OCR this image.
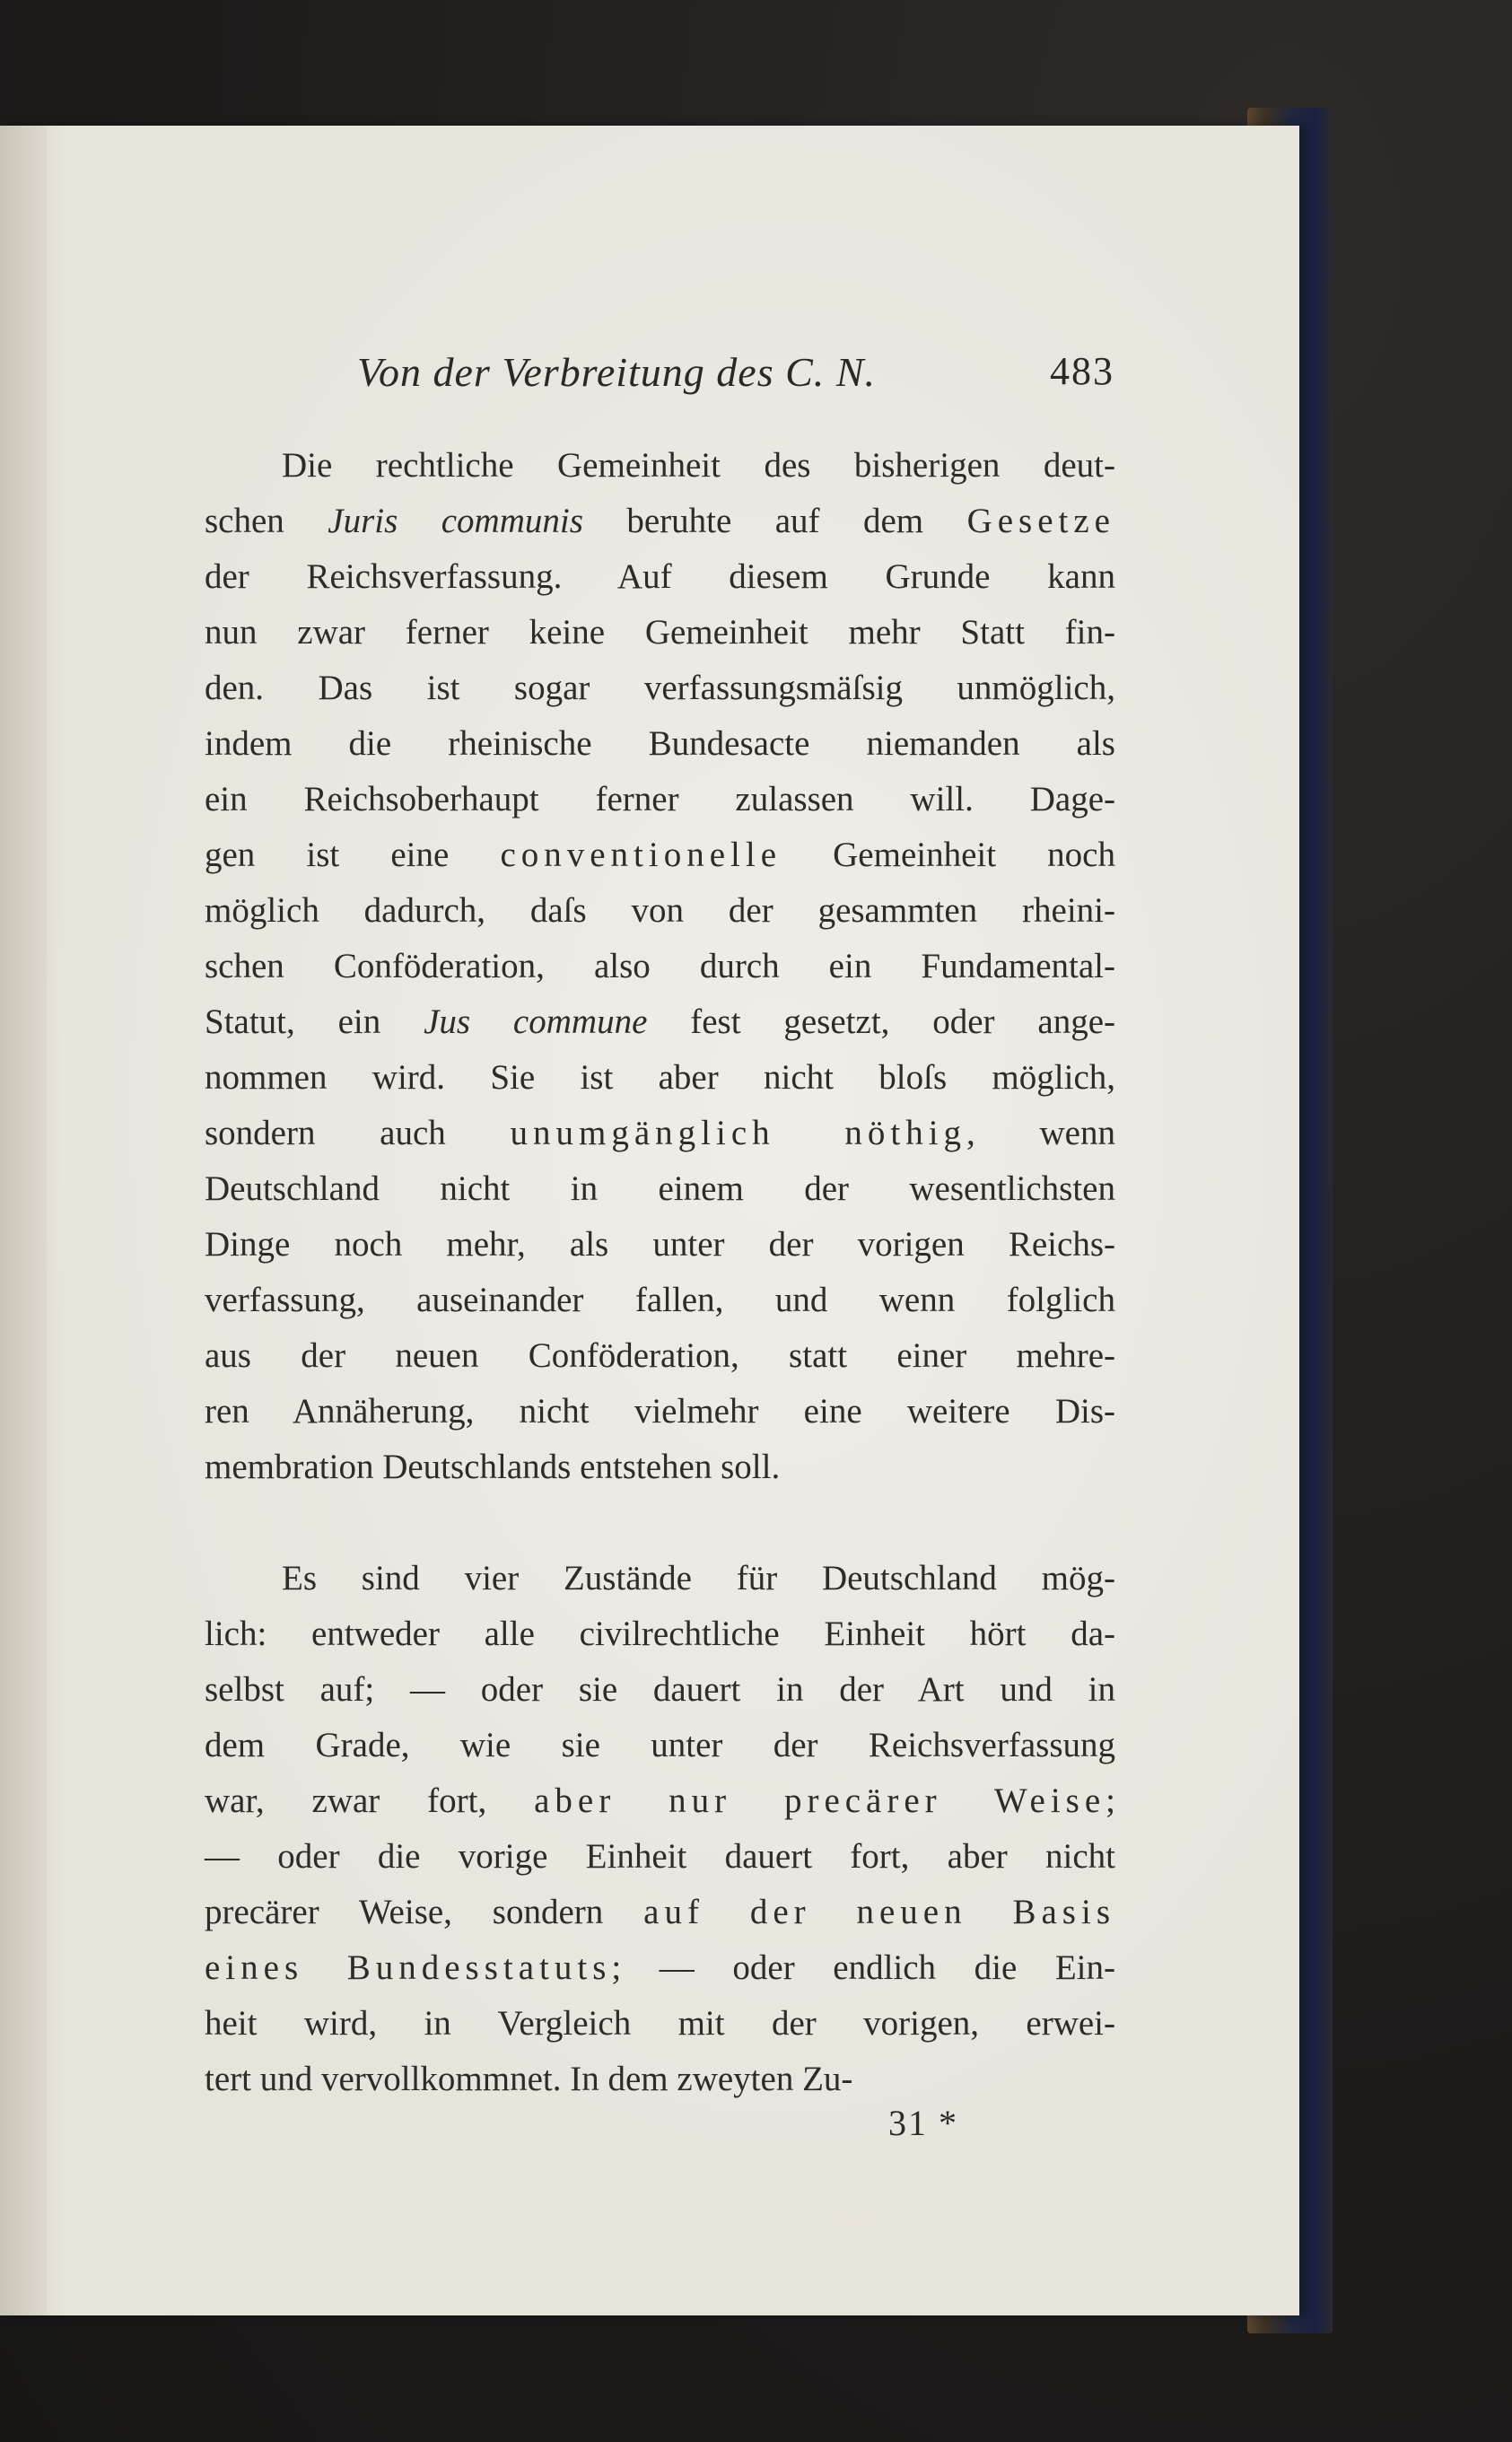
Von der Verbreitung des C. N.	483
Die rechtliche Gemeinheit des bisherigen deut-
schen Juris communis beruhte auf dem Gesetze
der Reichsverfassung. Auf diesem Grunde kann
nun zwar ferner keine Gemeinheit mehr Statt fin-
den. Das ist sogar verfassungsmäſsig unmöglich,
indem die rheinische Bundesacte niemanden als
ein Reichsoberhaupt ferner zulassen will. Dage-
gen ist eine conventionelle Gemeinheit noch
möglich dadurch, daſs von der gesammten rheini-
schen Conföderation, also durch ein Fundamental-
Statut, ein Jus commune fest gesetzt, oder ange-
nommen wird. Sie ist aber nicht bloſs möglich,
sondern auch unumgänglich nöthig, wenn
Deutschland nicht in einem der wesentlichsten
Dinge noch mehr, als unter der vorigen Reichs-
verfassung, auseinander fallen, und wenn folglich
aus der neuen Conföderation, statt einer mehre-
ren Annäherung, nicht vielmehr eine weitere Dis-
membration Deutschlands entstehen soll.
Es sind vier Zustände für Deutschland mög-
lich: entweder alle civilrechtliche Einheit hört da-
selbst auf; — oder sie dauert in der Art und in
dem Grade, wie sie unter der Reichsverfassung
war, zwar fort, aber nur precärer Weise;
— oder die vorige Einheit dauert fort, aber nicht
precärer Weise, sondern auf der neuen Basis
eines Bundesstatuts; — oder endlich die Ein-
heit wird, in Vergleich mit der vorigen, erwei-
tert und vervollkommnet. In dem zweyten Zu-
31 *
